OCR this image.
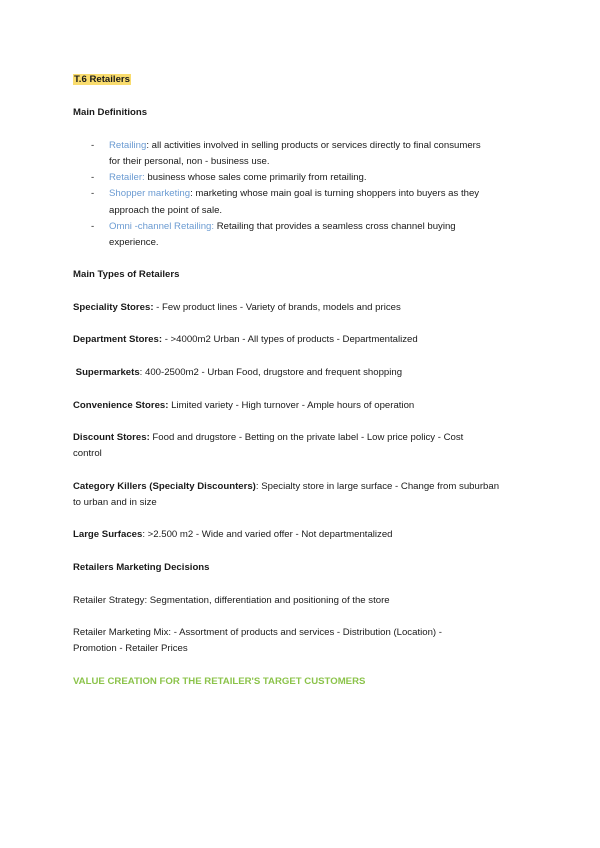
T.6 Retailers
Main Definitions
- Retailing: all activities involved in selling products or services directly to final consumers
for their personal, non - business use.
- Retailer: business whose sales come primarily from retailing.
- Shopper marketing: marketing whose main goal is turning shoppers into buyers as they
approach the point of sale.
- Omni -channel Retailing: Retailing that provides a seamless cross channel buying
experience.
Main Types of Retailers
Speciality Stores: - Few product lines - Variety of brands, models and prices
Department Stores: - >4000m2 Urban - All types of products - Departmentalized
Supermarkets: 400-2500m2 - Urban Food, drugstore and frequent shopping
Convenience Stores: Limited variety - High turnover - Ample hours of operation
Discount Stores: Food and drugstore - Betting on the private label - Low price policy - Cost
control
Category Killers (Specialty Discounters): Specialty store in large surface - Change from suburban
to urban and in size
Large Surfaces: >2.500 m2 - Wide and varied offer - Not departmentalized
Retailers Marketing Decisions
Retailer Strategy: Segmentation, differentiation and positioning of the store
Retailer Marketing Mix: - Assortment of products and services - Distribution (Location) -
Promotion - Retailer Prices
VALUE CREATION FOR THE RETAILER'S TARGET CUSTOMERS
